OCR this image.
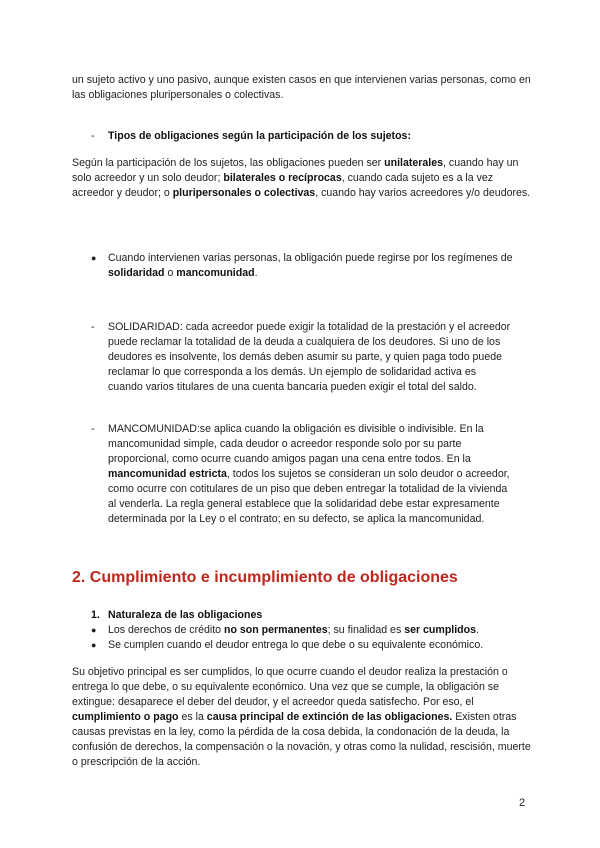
un sujeto activo y uno pasivo, aunque existen casos en que intervienen varias personas, como en las obligaciones pluripersonales o colectivas.

-	Tipos de obligaciones según la participación de los sujetos:

Según la participación de los sujetos, las obligaciones pueden ser unilaterales, cuando hay un solo acreedor y un solo deudor; bilaterales o recíprocas, cuando cada sujeto es a la vez acreedor y deudor; o pluripersonales o colectivas, cuando hay varios acreedores y/o deudores.

●	Cuando intervienen varias personas, la obligación puede regirse por los regímenes de solidaridad o mancomunidad.

-	SOLIDARIDAD: cada acreedor puede exigir la totalidad de la prestación y el acreedor puede reclamar la totalidad de la deuda a cualquiera de los deudores. Si uno de los deudores es insolvente, los demás deben asumir su parte, y quien paga todo puede reclamar lo que corresponda a los demás. Un ejemplo de solidaridad activa es cuando varios titulares de una cuenta bancaria pueden exigir el total del saldo.

-	MANCOMUNIDAD:se aplica cuando la obligación es divisible o indivisible. En la mancomunidad simple, cada deudor o acreedor responde solo por su parte proporcional, como ocurre cuando amigos pagan una cena entre todos. En la mancomunidad estricta, todos los sujetos se consideran un solo deudor o acreedor, como ocurre con cotitulares de un piso que deben entregar la totalidad de la vivienda al venderla. La regla general establece que la solidaridad debe estar expresamente determinada por la Ley o el contrato; en su defecto, se aplica la mancomunidad.

2. Cumplimiento e incumplimiento de obligaciones
1. Naturaleza de las obligaciones
●	Los derechos de crédito no son permanentes; su finalidad es ser cumplidos.

●	Se cumplen cuando el deudor entrega lo que debe o su equivalente económico.

Su objetivo principal es ser cumplidos, lo que ocurre cuando el deudor realiza la prestación o entrega lo que debe, o su equivalente económico. Una vez que se cumple, la obligación se extingue: desaparece el deber del deudor, y el acreedor queda satisfecho. Por eso, el cumplimiento o pago es la causa principal de extinción de las obligaciones. Existen otras causas previstas en la ley, como la pérdida de la cosa debida, la condonación de la deuda, la confusión de derechos, la compensación o la novación, y otras como la nulidad, rescisión, muerte o prescripción de la acción.

2
